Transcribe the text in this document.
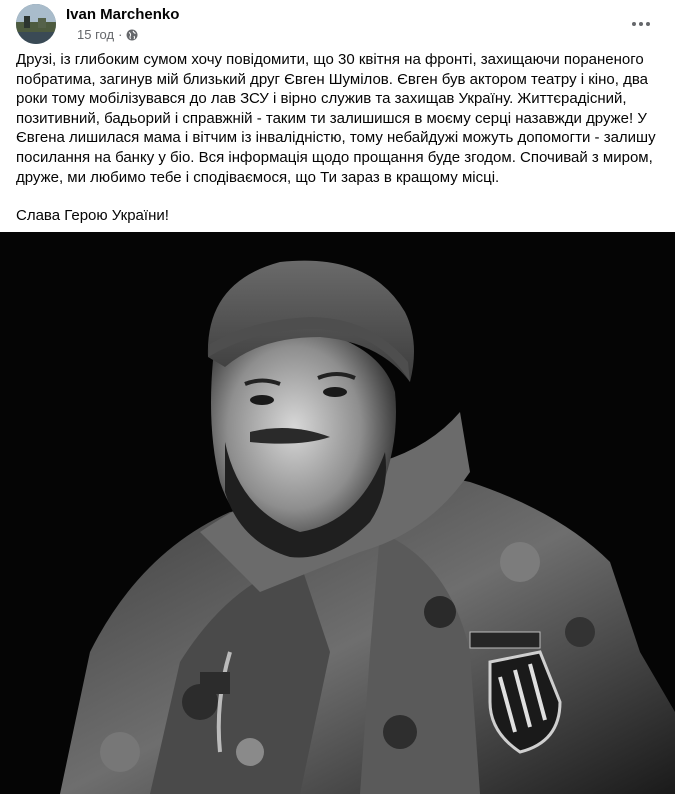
Ivan Marchenko
15 год ·

Друзі, із глибоким сумом хочу повідомити, що 30 квітня на фронті, захищаючи пораненого побратима, загинув мій близький друг Євген Шумілов. Євген був актором театру і кіно, два роки тому мобілізувався до лав ЗСУ і вірно служив та захищав Україну. Життєрадісний, позитивний, бадьорий і справжній - таким ти залишишся в моєму серці назавжди друже! У Євгена лишилася мама і вітчим із інвалідністю, тому небайдужі можуть допомогти - залишу посилання на банку у біо. Вся інформація щодо прощання буде згодом. Спочивай з миром, друже, ми любимо тебе і сподіваємося, що Ти зараз в кращому місці.

Слава Герою України!
